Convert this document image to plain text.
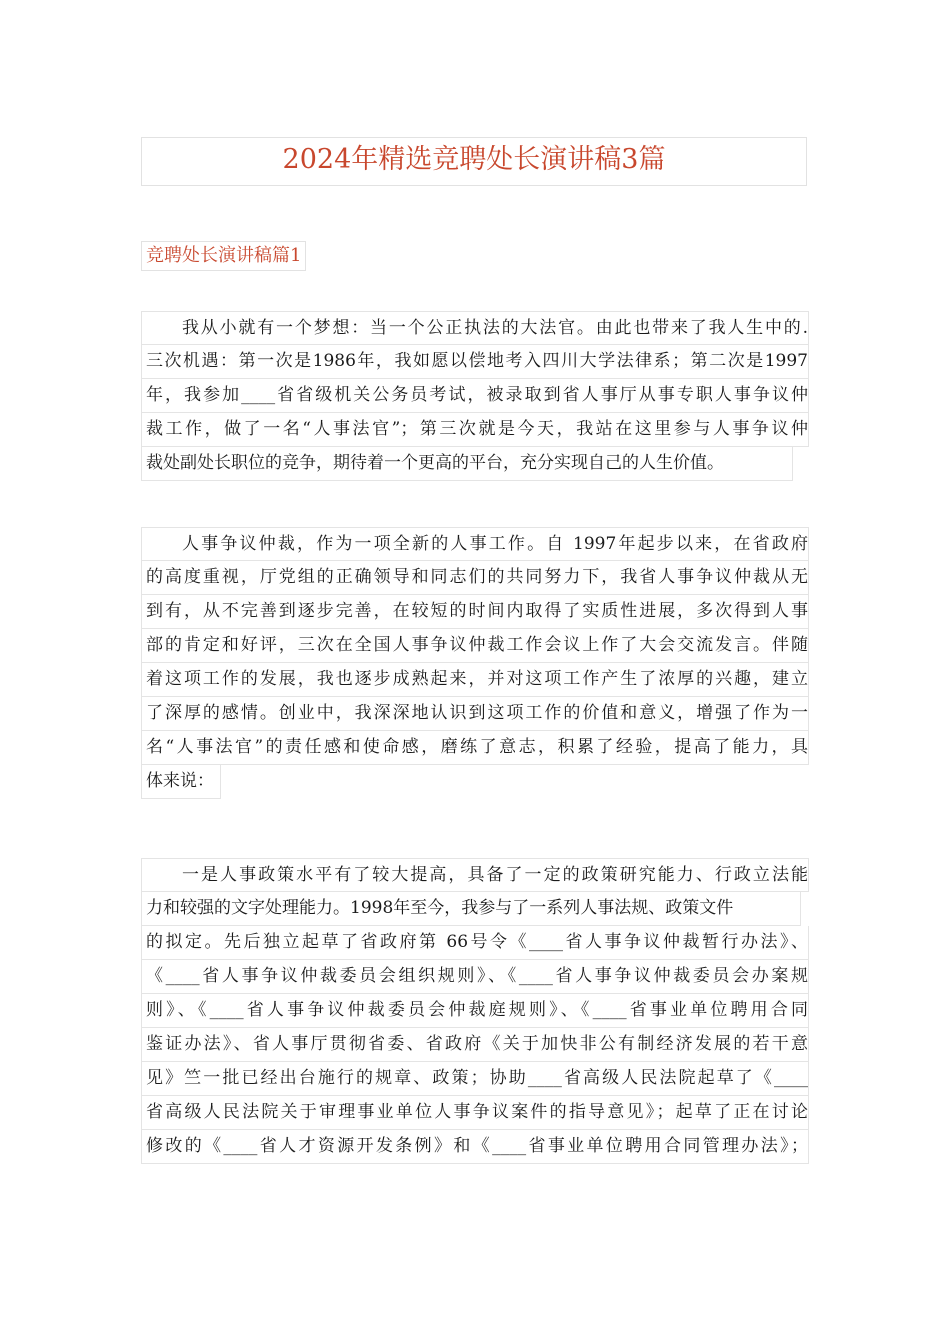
2024年精选竞聘处长演讲稿3篇
竞聘处长演讲稿篇1
我从小就有一个梦想：当一个公正执法的大法官。由此也带来了我人生中的.
三次机遇：第一次是1986年，我如愿以偿地考入四川大学法律系；第二次是1997
年，我参加____省省级机关公务员考试，被录取到省人事厅从事专职人事争议仲
裁工作，做了一名“人事法官”；第三次就是今天，我站在这里参与人事争议仲
裁处副处长职位的竞争，期待着一个更高的平台，充分实现自己的人生价值。
人事争议仲裁，作为一项全新的人事工作。自 1997年起步以来，在省政府
的高度重视，厅党组的正确领导和同志们的共同努力下，我省人事争议仲裁从无
到有，从不完善到逐步完善，在较短的时间内取得了实质性进展，多次得到人事
部的肯定和好评，三次在全国人事争议仲裁工作会议上作了大会交流发言。伴随
着这项工作的发展，我也逐步成熟起来，并对这项工作产生了浓厚的兴趣，建立
了深厚的感情。创业中，我深深地认识到这项工作的价值和意义，增强了作为一
名“人事法官”的责任感和使命感，磨练了意志，积累了经验，提高了能力，具
体来说：
一是人事政策水平有了较大提高，具备了一定的政策研究能力、行政立法能
力和较强的文字处理能力。1998年至今，我参与了一系列人事法规、政策文件
的拟定。先后独立起草了省政府第 66号令《____省人事争议仲裁暂行办法》、
《____省人事争议仲裁委员会组织规则》、《____省人事争议仲裁委员会办案规
则》、《____省人事争议仲裁委员会仲裁庭规则》、《____省事业单位聘用合同
鉴证办法》、省人事厅贯彻省委、省政府《关于加快非公有制经济发展的若干意
见》竺一批已经出台施行的规章、政策；协助____省高级人民法院起草了《____
省高级人民法院关于审理事业单位人事争议案件的指导意见》；起草了正在讨论
修改的《____省人才资源开发条例》和《____省事业单位聘用合同管理办法》；
